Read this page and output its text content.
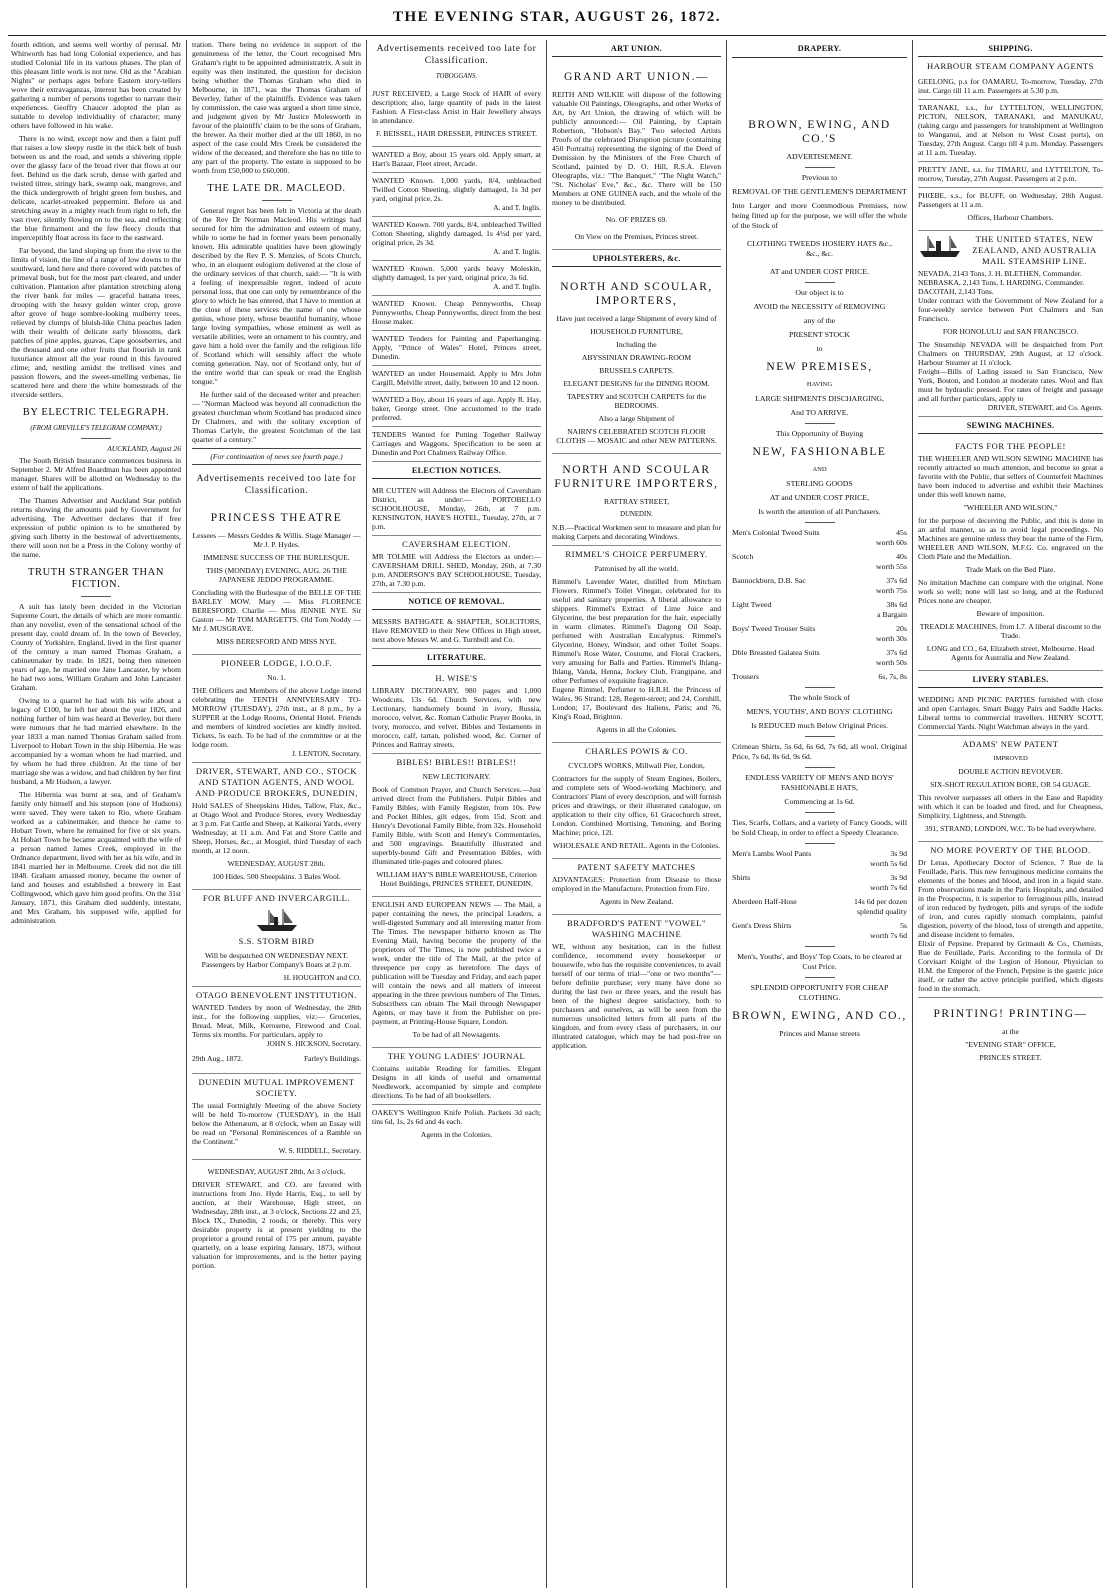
THE EVENING STAR, AUGUST 26, 1872.

fourth edition, and seems well worthy of perusal. Mr Whitworth has had long Colonial experience, and has studied Colonial life in its various phases. The plan of this pleasant little work is not new. Old as the "Arabian Nights" or perhaps ages before Eastern story-tellers wove their extravaganzas, interest has been created by gathering a number of persons together to narrate their experiences. Geoffry Chaucer adopted the plan as suitable to develop individuality of character; many others have followed in his wake.

There is no wind, except now and then a faint puff that raises a low sleepy rustle in the thick belt of bush between us and the road, and sends a shivering ripple over the glassy face of the broad river that flows at our feet. Behind us the dark scrub, dense with garled and twisted titree, stringy bark, swamp oak, mangrove, and the thick undergrowth of bright green fern bushes, and delicate, scarlet-streaked peppermint. Before us and stretching away in a mighty reach from right to left, the vast river, silently flowing on to the sea, and reflecting the blue firmament and the few fleecy clouds that imperceptibly float across its face to the eastward.

Far beyond, the land sloping up from the river to the limits of vision, the line of a range of low downs to the southward, land here and there covered with patches of primeval bush, but for the most part cleared, and under cultivation. Plantation after plantation stretching along the river bank for miles — graceful banana trees, drooping with the heavy golden winter crop, grove after grove of huge sombre-looking mulberry trees, relieved by clumps of bluish-like China peaches laden with their wealth of delicate early blossoms, dark patches of pine apples, guavas, Cape gooseberries, and the thousand and one other fruits that flourish in rank luxuriance almost all the year round in this favoured clime; and, nestling amidst the trellised vines and passion flowers, and the sweet-smelling verbenas, lie scattered here and there the white homesteads of the riverside settlers.

BY ELECTRIC TELEGRAPH.
(FROM GREVILLE'S TELEGRAM COMPANY.)
AUCKLAND, August 26

The South British Insurance commences business in September 2. Mr Alfred Boardman has been appointed manager. Shares will be allotted on Wednesday to the extent of half the applications.

The Thames Advertiser and Auckland Star publish returns showing the amounts paid by Government for advertising. The Advertiser declares that if free expression of public opinion is to be smothered by giving such liberty in the bestowal of advertisements, there will soon not be a Press in the Colony worthy of the name.

TRUTH STRANGER THAN FICTION.

A suit has lately been decided in the Victorian Supreme Court, the details of which are more romantic than any novelist, even of the sensational school of the present day, could dream of. In the town of Beverley, County of Yorkshire, England, lived in the first quarter of the century a man named Thomas Graham, a cabinetmaker by trade. In 1821, being then nineteen years of age, he married one Jane Lancaster, by whom he had two sons, William Graham and John Lancaster Graham.

Owing to a quarrel he had with his wife about a legacy of £100, he left her about the year 1826, and nothing further of him was heard at Beverley, but there were rumours that he had married elsewhere. In the year 1833 a man named Thomas Graham sailed from Liverpool to Hobart Town in the ship Hibernia. He was accompanied by a woman whom he had married, and by whom he had three children. At the time of her marriage she was a widow, and had children by her first husband, a Mr Hudson, a lawyer.

The Hibernia was burnt at sea, and of Graham's family only himself and his stepson (one of Hudsons) were saved. They were taken to Rio, where Graham worked as a cabinetmaker, and thence he came to Hobart Town, where he remained for five or six years. At Hobart Town he became acquainted with the wife of a person named James Creek, employed in the Ordnance department, lived with her as his wife, and in 1841 married her in Melbourne. Creek did not die till 1848. Graham amassed money, became the owner of land and houses and established a brewery in East Collingwood, which gave him good profits. On the 31st January, 1871, this Graham died suddenly, intestate, and Mrs Graham, his supposed wife, applied for administration.

tration. There being no evidence in support of the genuineness of the letter, the Court recognised Mrs Graham's right to be appointed administratrix. A suit in equity was then instituted, the question for decision being whether the Thomas Graham who died in Melbourne, in 1871, was the Thomas Graham of Beverley, father of the plaintiffs. Evidence was taken by commission, the case was argued a short time since, and judgment given by Mr Justice Molesworth in favour of the plaintiffs' claim to be the sons of Graham, the brewer. As their mother died at the till 1860, in no aspect of the case could Mrs Creek be considered the widow of the deceased, and therefore she has no title to any part of the property. The estate is supposed to be worth from £50,000 to £60,000.

THE LATE DR. MACLEOD.

General regret has been felt in Victoria at the death of the Rev Dr Norman Macleod. His writings had secured for him the admiration and esteem of many, while to some he had in former years been personally known. His admirable qualities have been glowingly described by the Rev P. S. Menzies, of Scots Church, who, in an eloquent eulogium delivered at the close of the ordinary services of that church, said:— "It is with a feeling of inexpressible regret, indeed of acute personal loss, that one can only by remembrance of the glory to which he has entered, that I have to mention at the close of these services the name of one whose genius, whose piety, whose beautiful humanity, whose large loving sympathies, whose eminent as well as versatile abilities, were an ornament to his country, and gave him a hold over the family and the religious life of Scotland which will sensibly affect the whole coming generation. Nay, not of Scotland only, but of the entire world that can speak or read the English tongue."

He further said of the deceased writer and preacher:— "Norman Macleod was beyond all contradiction the greatest churchman whom Scotland has produced since Dr Chalmers, and with the solitary exception of Thomas Carlyle, the greatest Scotchman of the last quarter of a century."

(For continuation of news see fourth page.)
Advertisements received too late for Classification.
PRINCESS THEATRE

Lessees — Messrs Geddes & Willis. Stage Manager — Mr J. P. Hydes.

IMMENSE SUCCESS OF THE BURLESQUE.

THIS (MONDAY) EVENING, AUG. 26 THE JAPANESE JEDDO PROGRAMME.

Concluding with the Burlesque of the BELLE OF THE BARLEY MOW. Mary — Miss FLORENCE BERESFORD. Charlie — Miss JENNIE NYE. Sir Gaston — Mr TOM MARGETTS. Old Tom Noddy — Mr J. MUSGRAVE.

MISS BERESFORD AND MISS NYE.

PIONEER LODGE, I.O.O.F.
No. 1.

THE Officers and Members of the above Lodge intend celebrating the TENTH ANNIVERSARY TO-MORROW (TUESDAY), 27th inst., at 8 p.m., by a SUPPER at the Lodge Rooms, Oriental Hotel. Friends and members of kindred societies are kindly invited. Tickets, 5s each. To be had of the committee or at the lodge room.

J. LENTON, Secretary.

DRIVER, STEWART, AND CO., STOCK AND STATION AGENTS, AND WOOL AND PRODUCE BROKERS, DUNEDIN,

Hold SALES of Sheepskins Hides, Tallow, Flax, &c., at Otago Wool and Produce Stores, every Wednesday at 3 p.m. Fat Cattle and Sheep, at Kaikorai Yards, every Wednesday, at 11 a.m. And Fat and Store Cattle and Sheep, Horses, &c., at Mosgiel, third Tuesday of each month, at 12 noon.

WEDNESDAY, AUGUST 28th.
100 Hides. 500 Sheepskins. 3 Bales Wool.
FOR BLUFF AND INVERCARGILL.
S.S. STORM BIRD

Will be despatched ON WEDNESDAY NEXT. Passengers by Harbor Company's Boats at 2 p.m.

H. HOUGHTON and CO.

OTAGO BENEVOLENT INSTITUTION.

WANTED Tenders by noon of Wednesday, the 28th inst., for the following supplies, viz:— Groceries, Bread, Meat, Milk, Kerosene, Firewood and Coal. Terms six months. For particulars, apply to

JOHN S. HICKSON, Secretary.

29th Aug., 1872.	Farley's Buildings.
DUNEDIN MUTUAL IMPROVEMENT SOCIETY.

The usual Fortnightly Meeting of the above Society will be held To-morrow (TUESDAY), in the Hall below the Athenæum, at 8 o'clock, when an Essay will be read on "Personal Reminiscences of a Ramble on the Continent."

W. S. RIDDELL, Secretary.

WEDNESDAY, AUGUST 28th, At 3 o'clock.

DRIVER STEWART, and CO. are favored with instructions from Jno. Hyde Harris, Esq., to sell by auction, at their Warehouse, High street, on Wednesday, 28th inst., at 3 o'clock, Sections 22 and 23, Block IX., Dunedin, 2 roods, or thereby. This very desirable property is at present yielding to the proprietor a ground rental of 175 per annum, payable quarterly, on a lease expiring January, 1873, without valuation for improvements, and is the better paying portion.

Advertisements received too late for Classification.
TOBOGGANS.

JUST RECEIVED, a Large Stock of HAIR of every description; also, large quantity of pads in the latest Fashion. A First-class Artist in Hair Jewellery always in attendance.

F. BEISSEL, HAIR DRESSER, PRINCES STREET.

WANTED a Boy, about 15 years old. Apply smart, at Hart's Bazaar, Fleet street, Arcade.

WANTED Known. 1,000 yards, 8/4, unbleached Twilled Cotton Sheeting, slightly damaged, 1s 3d per yard, original price, 2s.

A. and T. Inglis.

WANTED Known. 700 yards, 8/4, unbleached Twilled Cotton Sheeting, slightly damaged, 1s 4½d per yard, original price, 2s 3d.

A. and T. Inglis.

WANTED Known. 5,000 yards heavy Moleskin, slightly damaged, 1s per yard, original price, 3s 6d.

A. and T. Inglis.

WANTED Known. Cheap Pennyworths, Cheap Pennyworths, Cheap Pennyworths, direct from the best House maker.

WANTED Tenders for Painting and Paperhanging. Apply, "Prince of Wales" Hotel, Princes street, Dunedin.

WANTED an under Housemaid. Apply to Mrs John Cargill, Melville street, daily, between 10 and 12 noon.

WANTED a Boy, about 16 years of age. Apply R. Hay, baker, George street. One accustomed to the trade preferred.

TENDERS Wanted for Putting Together Railway Carriages and Waggons. Specification to be seen at Dunedin and Port Chalmers Railway Office.

ELECTION NOTICES.

MR CUTTEN will Address the Electors of Caversham District, as under:— PORTOBELLO SCHOOLHOUSE, Monday, 26th, at 7 p.m. KENSINGTON, HAYE'S HOTEL, Tuesday, 27th, at 7 p.m.

CAVERSHAM ELECTION.

MR TOLMIE will Address the Electors as under:— CAVERSHAM DRILL SHED, Monday, 26th, at 7.30 p.m. ANDERSON'S BAY SCHOOLHOUSE, Tuesday, 27th, at 7.30 p.m.

NOTICE OF REMOVAL.

MESSRS BATHGATE & SHAPTER, SOLICITORS, Have REMOVED to their New Offices in High street, next above Messrs W. and G. Turnbull and Co.

LITERATURE.
H. WISE'S

LIBRARY DICTIONARY, 980 pages and 1,000 Woodcuts, 13s 6d. Church Services, with new Lectionary, handsomely bound in ivory, Russia, morocco, velvet, &c. Roman Catholic Prayer Books, in ivory, morocco, and velvet. Bibles and Testaments in morocco, calf, tartan, polished wood, &c. Corner of Princes and Rattray streets.

BIBLES! BIBLES!! BIBLES!!
NEW LECTIONARY.

Book of Common Prayer, and Church Services.—Just arrived direct from the Publishers. Pulpit Bibles and Family Bibles, with Family Register, from 10s. Pew and Pocket Bibles, gilt edges, from 15d. Scott and Henry's Devotional Family Bible, from 32s. Household Family Bible, with Scott and Henry's Commentaries, and 500 engravings. Beautifully illustrated and superbly-bound Gift and Presentation Bibles, with illuminated title-pages and coloured plates.

WILLIAM HAY'S BIBLE WAREHOUSE, Criterion Hotel Buildings, PRINCES STREET, DUNEDIN.

ENGLISH AND EUROPEAN NEWS — The Mail, a paper containing the news, the principal Leaders, a well-digested Summary and all interesting matter from The Times. The newspaper hitherto known as The Evening Mail, having become the property of the proprietors of The Times, is now published twice a week, under the title of The Mail, at the price of threepence per copy as heretofore. The days of publication will be Tuesday and Friday, and each paper will contain the news and all matters of interest appearing in the three previous numbers of The Times. Subscribers can obtain The Mail through Newspaper Agents, or may have it from the Publisher on pre-payment, at Printing-House Square, London.

To be had of all Newsagents.

THE YOUNG LADIES' JOURNAL

Contains suitable Reading for families. Elegant Designs in all kinds of useful and ornamental Needlework, accompanied by simple and complete directions. To be had of all booksellers.

OAKEY'S Wellington Knife Polish. Packets 3d each; tins 6d, 1s, 2s 6d and 4s each.

Agents in the Colonies.

ART UNION.
GRAND ART UNION.—

REITH AND WILKIE will dispose of the following valuable Oil Paintings, Oleographs, and other Works of Art, by Art Union, the drawing of which will be publicly announced:— Oil Painting, by Captain Robertson, "Hobson's Bay." Two selected Artists Proofs of the celebrated Disruption picture (containing 450 Portraits) representing the signing of the Deed of Demission by the Ministers of the Free Church of Scotland, painted by D. O. Hill, R.S.A. Eleven Oleographs, viz.: "The Banquet," "The Night Watch," "St. Nicholas' Eve," &c., &c. There will be 150 Members at ONE GUINEA each, and the whole of the money to be distributed.

No. OF PRIZES 69.
On View on the Premises, Princes street.
UPHOLSTERERS, &c.
NORTH AND SCOULAR, IMPORTERS,
Have just received a large Shipment of every kind of
HOUSEHOLD FURNITURE,
Including the
ABYSSINIAN DRAWING-ROOM
BRUSSELS CARPETS.
ELEGANT DESIGNS for the DINING ROOM.
TAPESTRY and SCOTCH CARPETS for the BEDROOMS.
Also a large Shipment of
NAIRN'S CELEBRATED SCOTCH FLOOR CLOTHS — MOSAIC and other NEW PATTERNS.
NORTH AND SCOULAR FURNITURE IMPORTERS,
RATTRAY STREET,
DUNEDIN.

N.B.—Practical Workmen sent to measure and plan for making Carpets and decorating Windows.

RIMMEL'S CHOICE PERFUMERY.
Patronised by all the world.

Rimmel's Lavender Water, distilled from Mitcham Flowers. Rimmel's Toilet Vinegar, celebrated for its useful and sanitary properties. A liberal allowance to shippers. Rimmel's Extract of Lime Juice and Glycerine, the best preparation for the hair, especially in warm climates. Rimmel's Dagong Oil Soap, perfumed with Australian Eucalyptus. Rimmel's Glycerine, Honey, Windsor, and other Toilet Soaps. Rimmel's Rose Water, Costume, and Floral Crackers, very amusing for Balls and Parties. Rimmel's Ihlang-Ihlang, Vanda, Henna, Jockey Club, Frangipane, and other Perfumes of exquisite fragrance.

Eugene Rimmel, Perfumer to H.R.H. the Princess of Wales, 96 Strand; 128, Regent-street; and 24, Cornhill, London; 17, Boulevard des Italiens, Paris; and 76, King's Road, Brighton.

Agents in all the Colonies.

CHARLES POWIS & CO.
CYCLOPS WORKS, Millwall Pier, London,

Contractors for the supply of Steam Engines, Boilers, and complete sets of Wood-working Machinery, and Contractors' Plant of every description, and will furnish prices and drawings, or their illustrated catalogue, on application to their city office, 61 Gracechurch street, London. Combined Mortising, Tenoning, and Boring Machine; price, 12l.

WHOLESALE AND RETAIL. Agents in the Colonies.

PATENT SAFETY MATCHES

ADVANTAGES: Protection from Disease to those employed in the Manufacture. Protection from Fire.

Agents in New Zealand.

BRADFORD'S PATENT "VOWEL" WASHING MACHINE

WE, without any hesitation, can in the fullest confidence, recommend every housekeeper or housewife, who has the requisite conveniences, to avail herself of our terms of trial—"one or two months"—before definite purchase; very many have done so during the last two or three years, and the result has been of the highest degree satisfactory, both to purchasers and ourselves, as will be seen from the numerous unsolicited letters from all parts of the kingdom, and from every class of purchasers, in our illustrated catalogue, which may be had post-free on application.

DRAPERY.
BROWN, EWING, AND CO.'S
ADVERTISEMENT.
Previous to
REMOVAL OF THE GENTLEMEN'S DEPARTMENT

Into Larger and more Commodious Premises, now being fitted up for the purpose, we will offer the whole of the Stock of

CLOTHING TWEEDS HOSIERY HATS &c., &c., &c.
AT and UNDER COST PRICE.
Our object is to
AVOID the NECESSITY of REMOVING
any of the
PRESENT STOCK
to
NEW PREMISES,
HAVING
LARGE SHIPMENTS DISCHARGING,
And TO ARRIVE.
This Opportunity of Buying
NEW, FASHIONABLE
AND
STERLING GOODS
AT and UNDER COST PRICE,
Is worth the attention of all Purchasers.
Men's Colonial Tweed Suits	45s
worth 60s
Scotch	40s
worth 55s
Bannockburn, D.B. Sac	37s 6d
worth 75s
Light Tweed	38s 6d
a Bargain
Boys' Tweed Trouser Suits	20s
worth 30s
Dble Breasted Galatea Suits	37s 6d
worth 50s
Trousers	6s, 7s, 8s
The whole Stock of
MEN'S, YOUTHS', AND BOYS' CLOTHING
Is REDUCED much Below Original Prices.

Crimean Shirts, 5s 6d, 6s 6d, 7s 6d, all wool. Original Price, 7s 6d, 8s 6d, 9s 6d.

ENDLESS VARIETY OF MEN'S AND BOYS' FASHIONABLE HATS,
Commencing at 1s 6d.

Ties, Scarfs, Collars, and a variety of Fancy Goods, will be Sold Cheap, in order to effect a Speedy Clearance.

Men's Lambs Wool Pants	3s 9d
worth 5s 6d
Shirts	3s 9d
worth 7s 6d
Aberdeen Half-Hose	14s 6d per dozen
splendid quality
Gent's Dress Shirts	5s
worth 7s 6d

Men's, Youths', and Boys' Top Coats, to be cleared at Cost Price.

SPLENDID OPPORTUNITY FOR CHEAP CLOTHING.
BROWN, EWING, AND CO.,
Princes and Manse streets
SHIPPING.
HARBOUR STEAM COMPANY AGENTS

GEELONG, p.s for OAMARU, To-morrow, Tuesday, 27th inst. Cargo till 11 a.m. Passengers at 5.30 p.m.

TARANAKI, s.s., for LYTTELTON, WELLINGTON, PICTON, NELSON, TARANAKI, and MANUKAU, (taking cargo and passengers for transhipment at Wellington to Wanganui, and at Nelson to West Coast ports), on Tuesday, 27th August. Cargo till 4 p.m. Monday. Passengers at 11 a.m. Tuesday.

PRETTY JANE, s.s. for TIMARU, and LYTTELTON, To-morrow, Tuesday, 27th August. Passengers at 2 p.m.

PHŒBE, s.s., for BLUFF, on Wednesday, 28th August. Passengers at 11 a.m.

Offices, Harbour Chambers.

THE UNITED STATES, NEW ZEALAND, AND AUSTRALIA MAIL STEAMSHIP LINE.

NEVADA, 2143 Tons, J. H. BLETHEN, Commander.

NEBRASKA, 2,143 Tons, I. HARDING, Commander.

DACOTAH, 2,143 Tons.

Under contract with the Government of New Zealand for a four-weekly service between Port Chalmers and San Francisco.

FOR HONOLULU and SAN FRANCISCO.

The Steamship NEVADA will be despatched from Port Chalmers on THURSDAY, 29th August, at 12 o'clock. Harbour Steamer at 11 o'clock.

Freight—Bills of Lading issued to San Francisco, New York, Boston, and London at moderate rates. Wool and flax must be hydraulic pressed. For rates of freight and passage and all further particulars, apply to

DRIVER, STEWART, and Co. Agents.

SEWING MACHINES.
FACTS FOR THE PEOPLE!

THE WHEELER AND WILSON SEWING MACHINE has recently attracted so much attention, and become so great a favorite with the Public, that sellers of Counterfeit Machines have been induced to advertise and exhibit their Machines under this well known name,

"WHEELER AND WILSON,"

for the purpose of deceiving the Public, and this is done in an artful manner, so as to avoid legal proceedings. No Machines are genuine unless they bear the name of the Firm, WHEELER AND WILSON, M.F.G. Co. engraved on the Cloth Plate and the Medallion.

Trade Mark on the Bed Plate.

No imitation Machine can compare with the original. None work so well; none will last so long, and at the Reduced Prices none are cheaper.

Beware of imposition.
TREADLE MACHINES, from L7. A liberal discount to the Trade.

LONG and CO., 64, Elizabeth street, Melbourne. Head Agents for Australia and New Zealand.

LIVERY STABLES.

WEDDING AND PICNIC PARTIES furnished with close and open Carriages. Smart Buggy Pairs and Saddle Hacks. Liberal terms to commercial travellers. HENRY SCOTT, Commercial Yards. Night Watchman always in the yard.

ADAMS' NEW PATENT
IMPROVED
DOUBLE ACTION REVOLVER.
SIX-SHOT REGULATION BORE, OR 54 GUAGE.

This revolver surpasses all others in the Ease and Rapidity with which it can be loaded and fired, and for Cheapness, Simplicity, Lightness, and Strength.

391, STRAND, LONDON, W.C. To be had everywhere.

NO MORE POVERTY OF THE BLOOD.

Dr Leras, Apothecary Doctor of Science, 7 Rue de la Feuillade, Paris. This new ferruginous medicine contains the elements of the bones and blood, and iron in a liquid state. From observations made in the Paris Hospitals, and detailed in the Prospectus, it is superior to ferruginous pills, instead of iron reduced by hydrogen, pills and syrups of the iodide of iron, and cures rapidly stomach complaints, painful digestion, poverty of the blood, loss of strength and appetite, and disease incident to females.

Elixir of Pepsine. Prepared by Grimault & Co., Chemists, Rue de Feuillade, Paris. According to the formula of Dr Corvisart Knight of the Legion of Honour, Physician to H.M. the Emperor of the French, Pepsine is the gastric juice itself, or rather the active principle purified, which digests food in the stomach.

PRINTING! PRINTING—
at the
"EVENING STAR" OFFICE,
PRINCES STREET.
